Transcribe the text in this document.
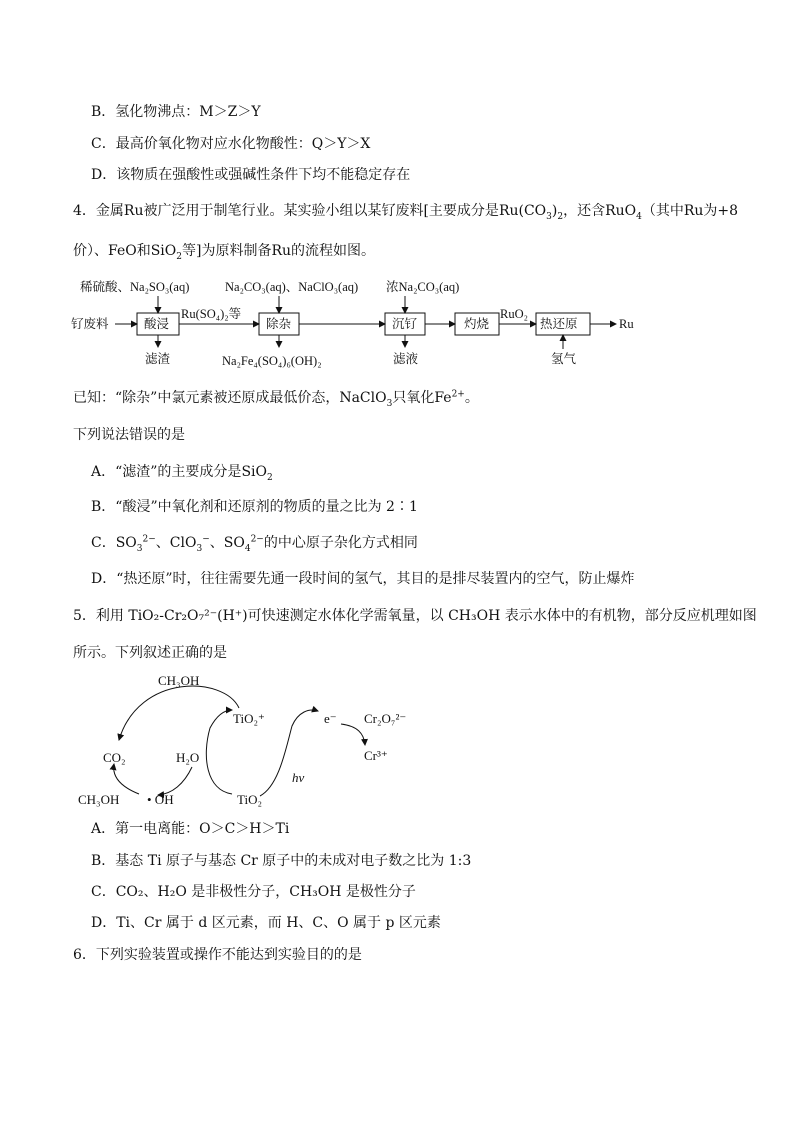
B．氢化物沸点：M＞Z＞Y
C．最高价氧化物对应水化物酸性：Q＞Y＞X
D．该物质在强酸性或强碱性条件下均不能稳定存在
4．金属Ru被广泛用于制笔行业。某实验小组以某钌废料[主要成分是$Ru(CO_3)_2$，还含RuO$_4$（其中Ru为+8
价）、FeO和SiO$_2$等]为原料制备Ru的流程如图。
钌废料	酸浸
稀硫酸、Na₂SO₃(aq)
滤渣
Ru(SO₄)₂等
除杂
Na₂CO₃(aq)、NaClO₃(aq)
Na₂Fe₄(SO₄)₆(OH)₂
沉钌
浓Na₂CO₃(aq)
滤液
灼烧
RuO₂
热还原
氢气
Ru
已知：“除杂”中氯元素被还原成最低价态，NaClO$_3$只氧化$Fe^{2+}$。
下列说法错误的是
A．“滤渣”的主要成分是SiO$_2$
B．“酸浸”中氧化剂和还原剂的物质的量之比为 2∶1
C．$SO_3^{2-}$、ClO$_3$−、$SO_4^{2-}$的中心原子杂化方式相同
D．“热还原”时，往往需要先通一段时间的氢气，其目的是排尽装置内的空气，防止爆炸
5．利用 TiO₂-Cr₂O₇²⁻(H⁺)可快速测定水体化学需氧量，以 CH₃OH 表示水体中的有机物，部分反应机理如图
所示。下列叙述正确的是
CH₃OH
CO₂
CH₃OH • OH
H₂O
TiO₂⁺
TiO₂
hv
e⁻ Cr₂O₇²⁻
Cr³⁺
A．第一电离能：O＞C＞H＞Ti
B．基态 Ti 原子与基态 Cr 原子中的未成对电子数之比为 1:3
C．CO₂、H₂O 是非极性分子，CH₃OH 是极性分子
D．Ti、Cr 属于 d 区元素，而 H、C、O 属于 p 区元素
6．下列实验装置或操作不能达到实验目的的是
